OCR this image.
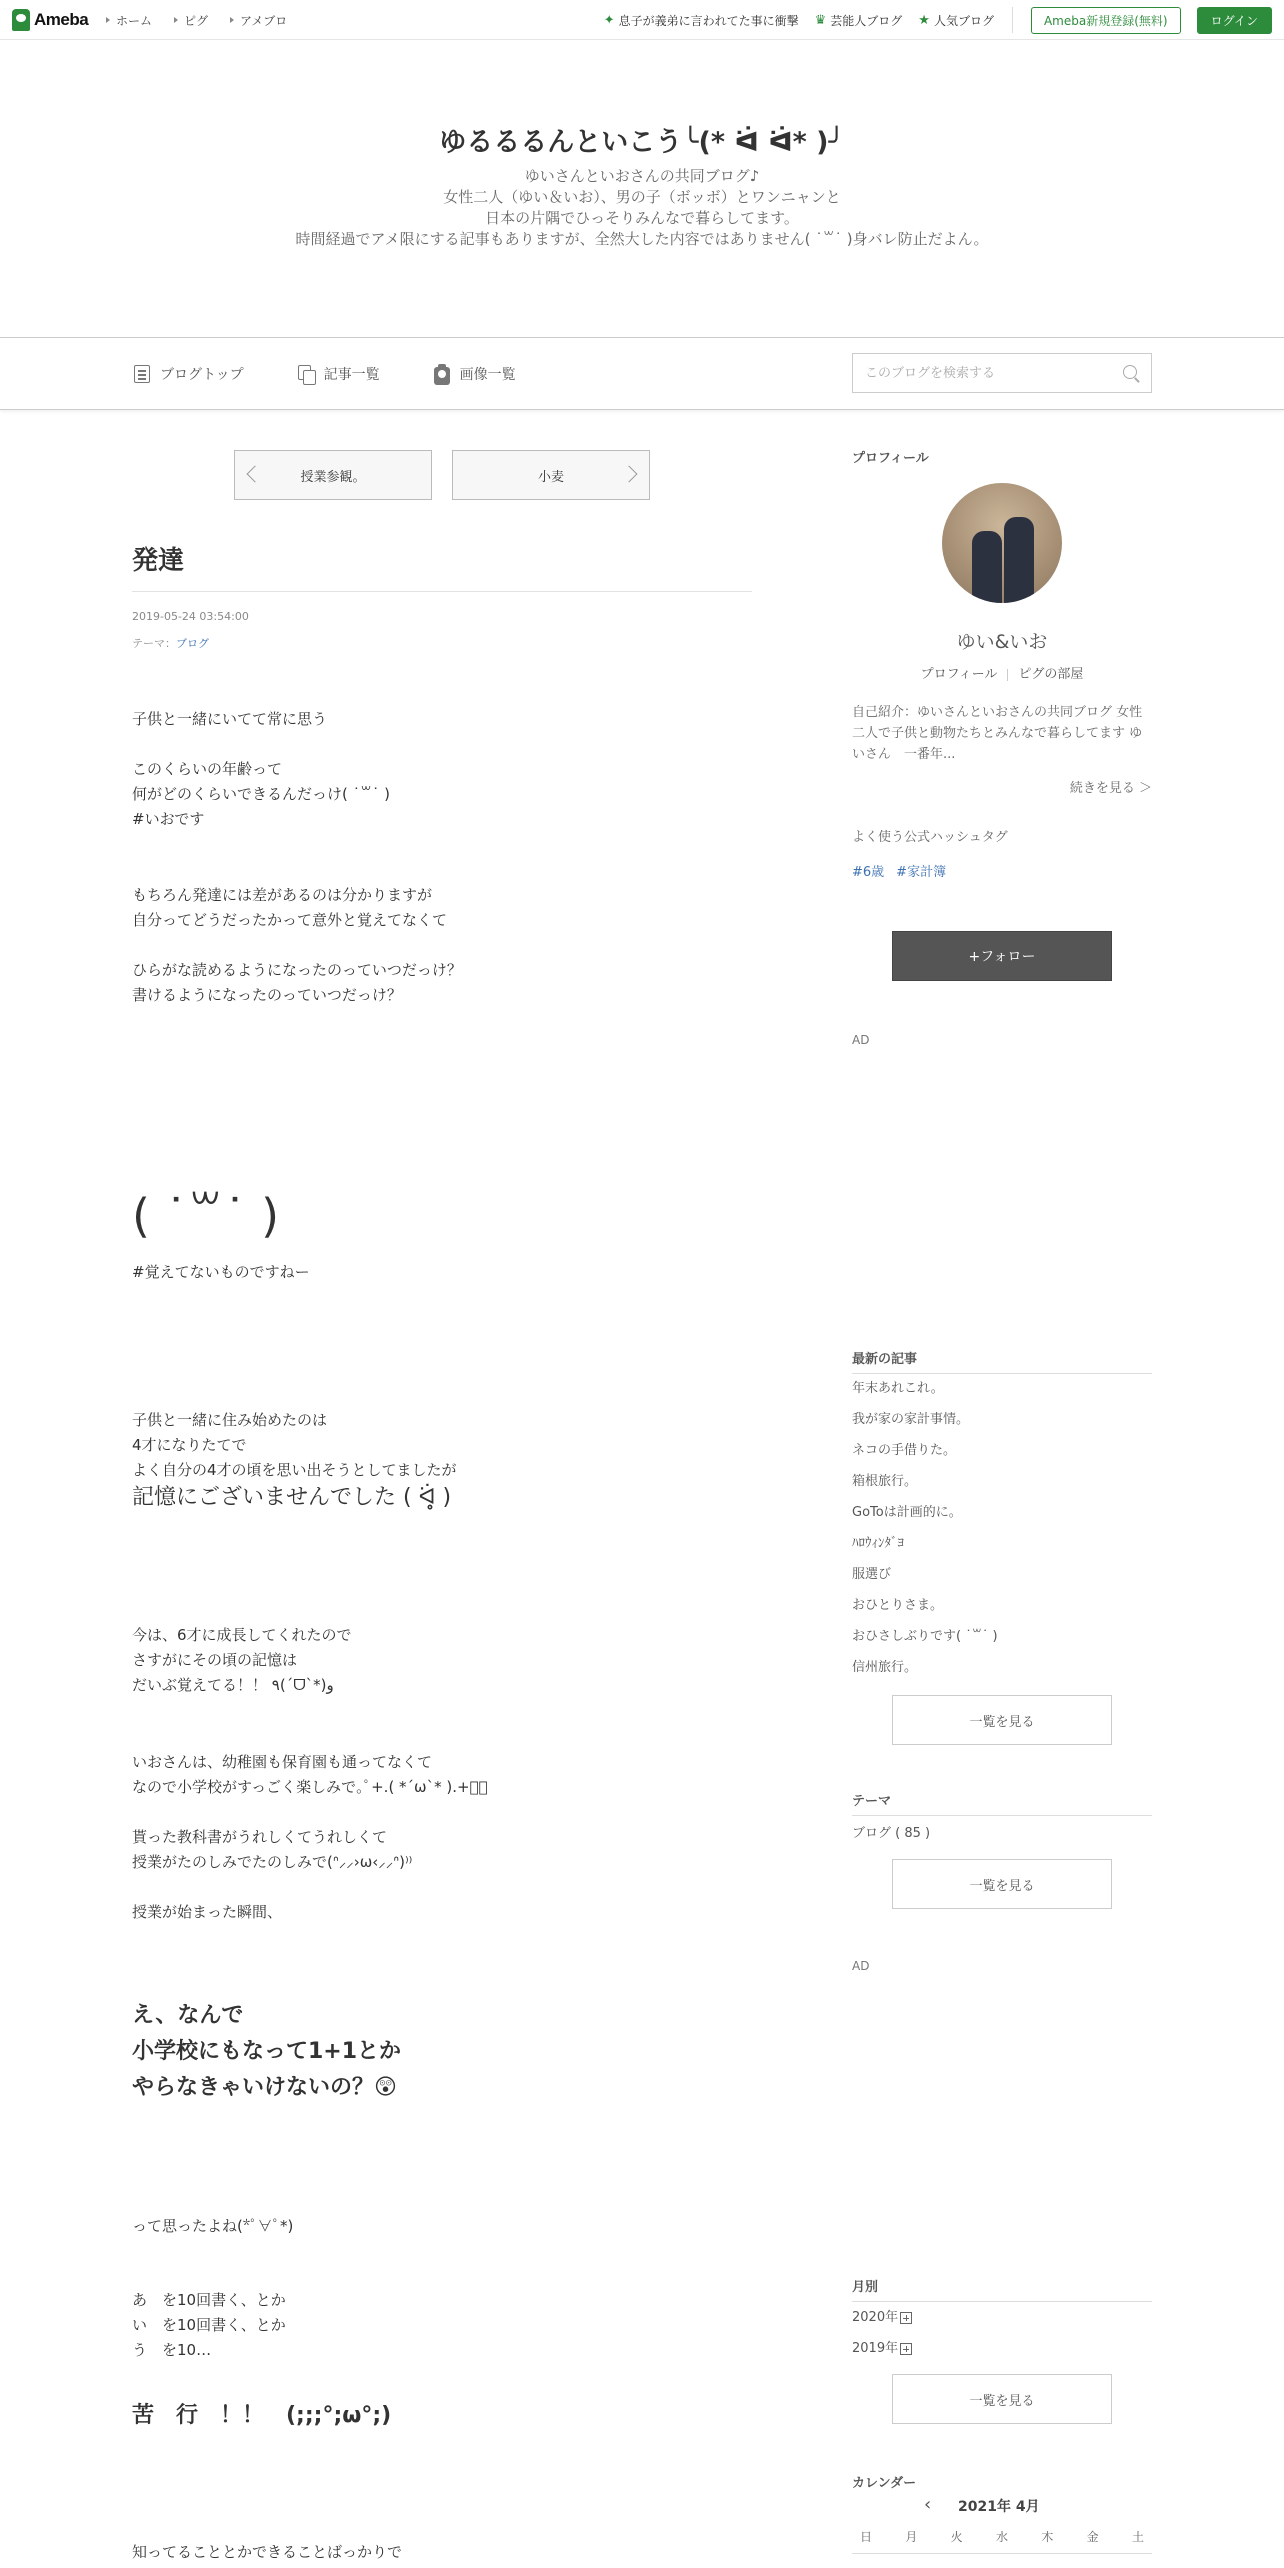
Ameba ホーム	ピグ	アメブロ	✦ 息子が義弟に言われてた事に衝撃 ♛ 芸能人ブログ ★ 人気ブログ	Ameba新規登録(無料)	ログイン
ゆるるるんといこう╰(* ᐛ ᐛ* )╯
ゆいさんといおさんの共同ブログ♪
女性二人（ゆい＆いお）、男の子（ボッボ）とワンニャンと
日本の片隅でひっそりみんなで暮らしてます。
時間経過でアメ限にする記事もありますが、全然大した内容ではありません( ˙꒳˙ )身バレ防止だよん。
ブログトップ	記事一覧	画像一覧
このブログを検索する
授業参観。	小麦
発達
2019-05-24 03:54:00
テーマ：ブログ
子供と一緒にいてて常に思う

このくらいの年齢って
何がどのくらいできるんだっけ( ˙꒳˙ )
#いおです
もちろん発達には差があるのは分かりますが
自分ってどうだったかって意外と覚えてなくて

ひらがな読めるようになったのっていつだっけ？
書けるようになったのっていつだっけ？
( ˙꒳˙ )
#覚えてないものですねー
子供と一緒に住み始めたのは
4才になりたてで
よく自分の4才の頃を思い出そうとしてましたが
記憶にございませんでした ( ᐛ̥̥̥ )
今は、6才に成長してくれたので
さすがにその頃の記憶は
だいぶ覚えてる！！ ٩(ˊᗜˋ*)و
いおさんは、幼稚園も保育園も通ってなくて
なので小学校がすっごく楽しみで｡ﾟ+.( *ˊωˋ* ).+ﾟ｡

貰った教科書がうれしくてうれしくて
授業がたのしみでたのしみで(ᐢ⸝⸝›ω‹⸝⸝ᐢ)⁾⁾

授業が始まった瞬間、
え、なんで
小学校にもなって1+1とか
やらなきゃいけないの？😲
って思ったよね(*ﾟ∀ﾟ*)
あ　を10回書く、とか
い　を10回書く、とか
う　を10…
苦　行　！！　(;;;°;ω°;)
知ってることとかできることばっかりで
プロフィール
ゆい&いお
プロフィール ピグの部屋
自己紹介：ゆいさんといおさんの共同ブログ 女性二人で子供と動物たちとみんなで暮らしてます ゆいさん　一番年...
続きを見る ＞
よく使う公式ハッシュタグ
#6歳 #家計簿
+フォロー
AD
最新の記事
年末あれこれ。
我が家の家計事情。
ネコの手借りた。
箱根旅行。
GoToは計画的に。
ﾊﾛｳｨﾝﾀﾞﾖ
服選び
おひとりさま。
おひさしぶりです( ˙꒳˙ )
信州旅行。
一覧を見る
テーマ
ブログ ( 85 )
一覧を見る
AD
月別
2020年
2019年
一覧を見る
カレンダー
‹ 2021年 4月
日	月	火	水	木	金	土
